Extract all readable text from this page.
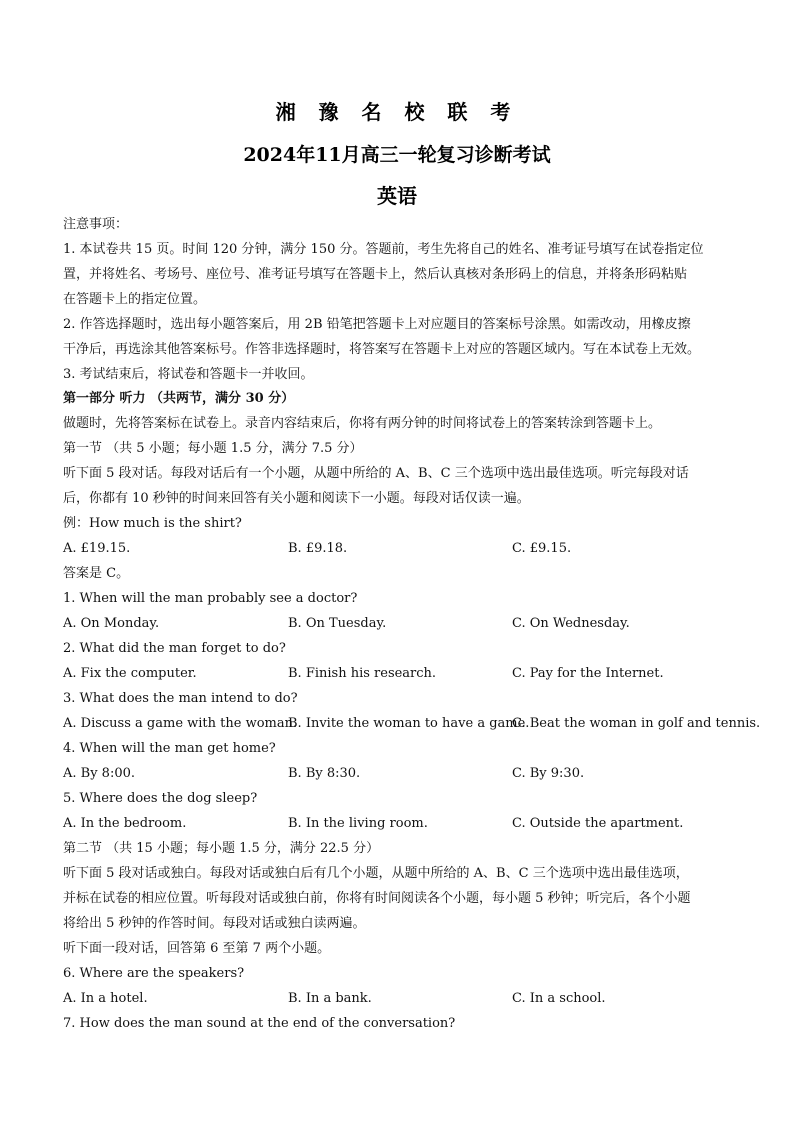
湘 豫 名 校 联 考
2024年11月高三一轮复习诊断考试
英语
注意事项：
1. 本试卷共 15 页。时间 120 分钟，满分 150 分。答题前，考生先将自己的姓名、准考证号填写在试卷指定位
置，并将姓名、考场号、座位号、准考证号填写在答题卡上，然后认真核对条形码上的信息，并将条形码粘贴
在答题卡上的指定位置。
2. 作答选择题时，选出每小题答案后，用 2B 铅笔把答题卡上对应题目的答案标号涂黑。如需改动，用橡皮擦
干净后，再选涂其他答案标号。作答非选择题时，将答案写在答题卡上对应的答题区域内。写在本试卷上无效。
3. 考试结束后，将试卷和答题卡一并收回。
第一部分 听力 （共两节，满分 30 分）
做题时，先将答案标在试卷上。录音内容结束后，你将有两分钟的时间将试卷上的答案转涂到答题卡上。
第一节 （共 5 小题；每小题 1.5 分，满分 7.5 分）
听下面 5 段对话。每段对话后有一个小题，从题中所给的 A、B、C 三个选项中选出最佳选项。听完每段对话
后，你都有 10 秒钟的时间来回答有关小题和阅读下一小题。每段对话仅读一遍。
例：How much is the shirt?
A. £19.15.	B. £9.18.	C. £9.15.
答案是 C。
1. When will the man probably see a doctor?
A. On Monday.	B. On Tuesday.	C. On Wednesday.
2. What did the man forget to do?
A. Fix the computer.	B. Finish his research.	C. Pay for the Internet.
3. What does the man intend to do?
A. Discuss a game with the woman.
B. Invite the woman to have a game.
C. Beat the woman in golf and tennis.
4. When will the man get home?
A. By 8:00.	B. By 8:30.	C. By 9:30.
5. Where does the dog sleep?
A. In the bedroom.	B. In the living room.	C. Outside the apartment.
第二节 （共 15 小题；每小题 1.5 分，满分 22.5 分）
听下面 5 段对话或独白。每段对话或独白后有几个小题，从题中所给的 A、B、C 三个选项中选出最佳选项，
并标在试卷的相应位置。听每段对话或独白前，你将有时间阅读各个小题，每小题 5 秒钟；听完后，各个小题
将给出 5 秒钟的作答时间。每段对话或独白读两遍。
听下面一段对话，回答第 6 至第 7 两个小题。
6. Where are the speakers?
A. In a hotel.	B. In a bank.	C. In a school.
7. How does the man sound at the end of the conversation?
